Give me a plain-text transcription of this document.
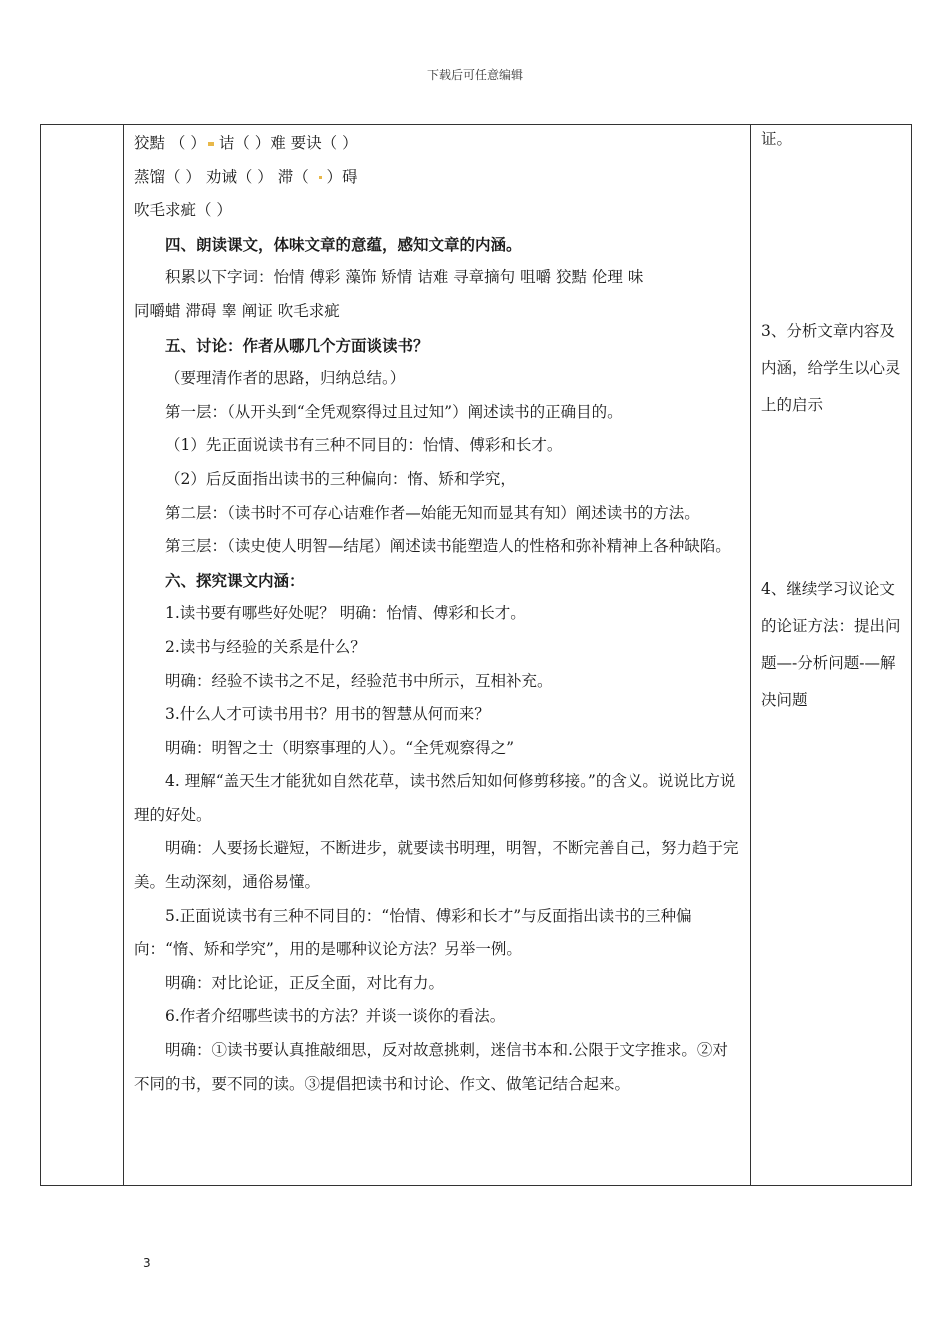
下载后可任意编辑

狡黠 （ ） 诘（ ）难 要诀（ ）

蒸馏（ ） 劝诫（ ） 滞（   ）碍

吹毛求疵（ ）

四、朗读课文，体味文章的意蕴，感知文章的内涵。

积累以下字词：怡情 傅彩 藻饰 矫情 诘难 寻章摘句 咀嚼 狡黠 伦理 味

同嚼蜡 滞碍 睾 阐证 吹毛求疵

五、讨论：作者从哪几个方面谈读书？

（要理清作者的思路，归纳总结。）

第一层：（从开头到“全凭观察得过且过知”）阐述读书的正确目的。

（1）先正面说读书有三种不同目的：怡情、傅彩和长才。

（2）后反面指出读书的三种偏向：惰、矫和学究，

第二层：（读书时不可存心诘难作者—始能无知而显其有知）阐述读书的方法。

第三层：（读史使人明智—结尾）阐述读书能塑造人的性格和弥补精神上各种缺陷。

六、探究课文内涵：

1.读书要有哪些好处呢？ 明确：怡情、傅彩和长才。

2.读书与经验的关系是什么？

明确：经验不读书之不足，经验范书中所示，互相补充。

3.什么人才可读书用书？用书的智慧从何而来？

明确：明智之士（明察事理的人）。“全凭观察得之”

4. 理解“盖天生才能犹如自然花草，读书然后知如何修剪移接。”的含义。说说比方说理的好处。

明确：人要扬长避短，不断进步，就要读书明理，明智，不断完善自己，努力趋于完美。生动深刻，通俗易懂。

5.正面说读书有三种不同目的：“怡情、傅彩和长才”与反面指出读书的三种偏向：“惰、矫和学究”，用的是哪种议论方法？另举一例。

明确：对比论证，正反全面，对比有力。

6.作者介绍哪些读书的方法？并谈一谈你的看法。

明确：①读书要认真推敲细思，反对故意挑刺，迷信书本和.公限于文字推求。②对不同的书，要不同的读。③提倡把读书和讨论、作文、做笔记结合起来。

证。

3、分析文章内容及内涵，给学生以心灵上的启示

4、继续学习议论文的论证方法：提出问题—-分析问题-—解决问题

3
